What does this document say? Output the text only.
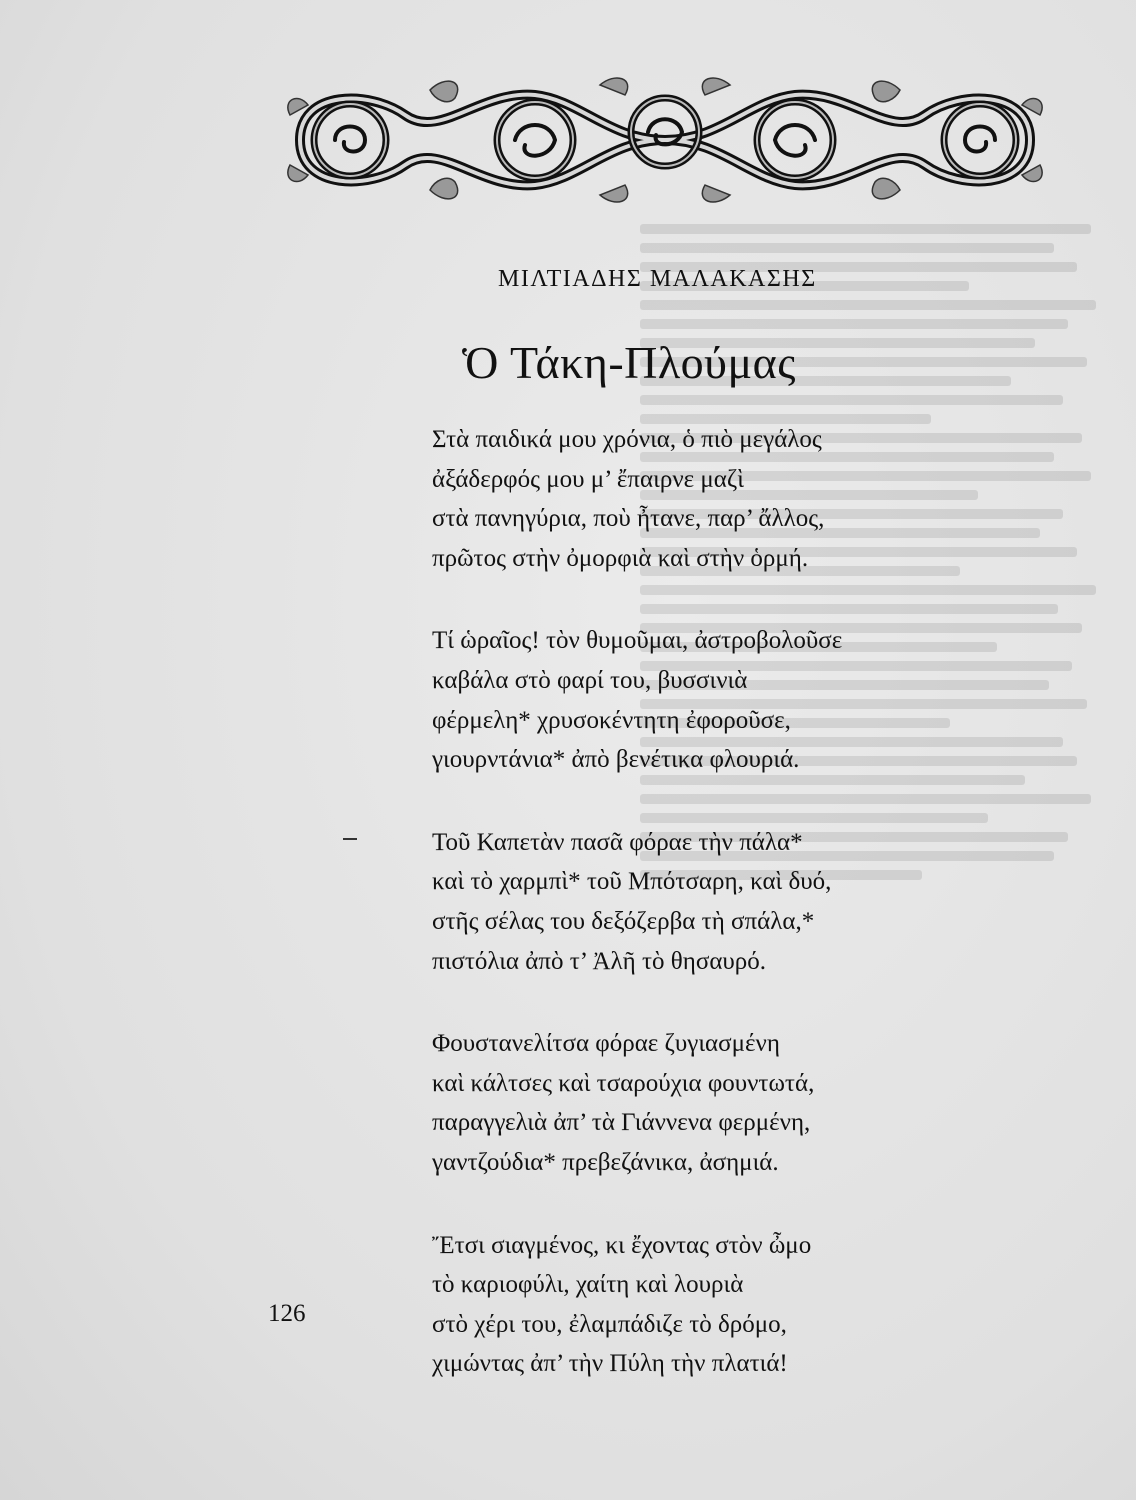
ΜΙΛΤΙΑΔΗΣ ΜΑΛΑΚΑΣΗΣ
Ὁ Τάκη-Πλούμας
Στὰ παιδικά μου χρόνια, ὁ πιὸ μεγάλος
ἀξάδερφός μου μ’ ἔπαιρνε μαζὶ
στὰ πανηγύρια, ποὺ ἦτανε, παρ’ ἄλλος,
πρῶτος στὴν ὀμορφιὰ καὶ στὴν ὁρμή.
Τί ὡραῖος! τὸν θυμοῦμαι, ἀστροβολοῦσε
καβάλα στὸ φαρί του, βυσσινιὰ
φέρμελη* χρυσοκέντητη ἐφοροῦσε,
γιουρντάνια* ἀπὸ βενέτικα φλουριά.
Τοῦ Καπετὰν πασᾶ φόραε τὴν πάλα*
καὶ τὸ χαρμπὶ* τοῦ Μπότσαρη, καὶ δυό,
στῆς σέλας του δεξόζερβα τὴ σπάλα,*
πιστόλια ἀπὸ τ’ Ἀλῆ τὸ θησαυρό.
Φουστανελίτσα φόραε ζυγιασμένη
καὶ κάλτσες καὶ τσαρούχια φουντωτά,
παραγγελιὰ ἀπ’ τὰ Γιάννενα φερμένη,
γαντζούδια* πρεβεζάνικα, ἀσημιά.
Ἔτσι σιαγμένος, κι ἔχοντας στὸν ὦμο
τὸ καριοφύλι, χαίτη καὶ λουριὰ
στὸ χέρι του, ἐλαμπάδιζε τὸ δρόμο,
χιμώντας ἀπ’ τὴν Πύλη τὴν πλατιά!
126
